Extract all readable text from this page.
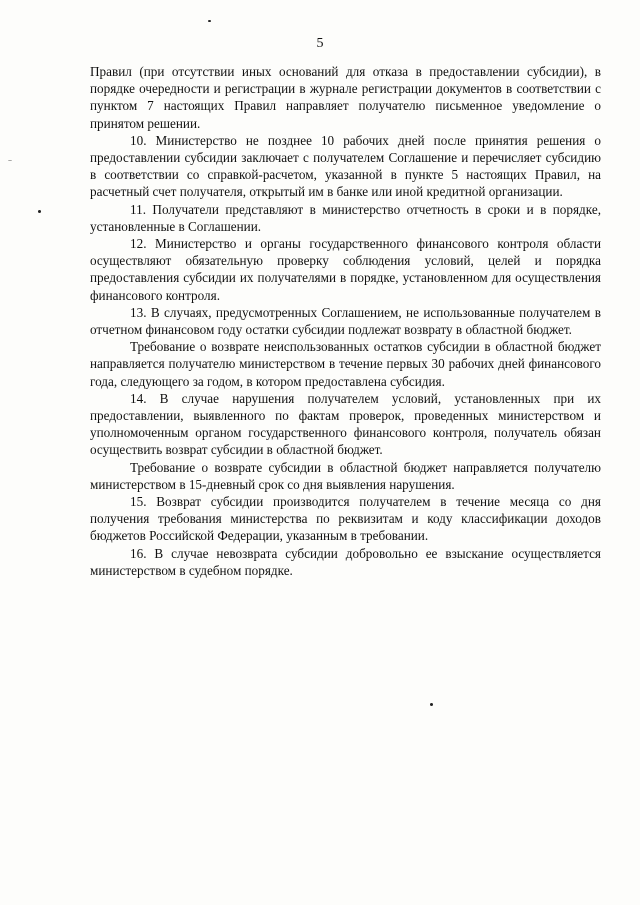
5

Правил (при отсутствии иных оснований для отказа в предоставлении субсидии), в порядке очередности и регистрации в журнале регистрации документов в соответствии с пунктом 7 настоящих Правил направляет получателю письменное уведомление о принятом решении.

10. Министерство не позднее 10 рабочих дней после принятия решения о предоставлении субсидии заключает с получателем Соглашение и перечисляет субсидию в соответствии со справкой-расчетом, указанной в пункте 5 настоящих Правил, на расчетный счет получателя, открытый им в банке или иной кредитной организации.

11. Получатели представляют в министерство отчетность в сроки и в порядке, установленные в Соглашении.

12. Министерство и органы государственного финансового контроля области осуществляют обязательную проверку соблюдения условий, целей и порядка предоставления субсидии их получателями в порядке, установленном для осуществления финансового контроля.

13. В случаях, предусмотренных Соглашением, не использованные получателем в отчетном финансовом году остатки субсидии подлежат возврату в областной бюджет.

Требование о возврате неиспользованных остатков субсидии в областной бюджет направляется получателю министерством в течение первых 30 рабочих дней финансового года, следующего за годом, в котором предоставлена субсидия.

14. В случае нарушения получателем условий, установленных при их предоставлении, выявленного по фактам проверок, проведенных министерством и уполномоченным органом государственного финансового контроля, получатель обязан осуществить возврат субсидии в областной бюджет.

Требование о возврате субсидии в областной бюджет направляется получателю министерством в 15-дневный срок со дня выявления нарушения.

15. Возврат субсидии производится получателем в течение месяца со дня получения требования министерства по реквизитам и коду классификации доходов бюджетов Российской Федерации, указанным в требовании.

16. В случае невозврата субсидии добровольно ее взыскание осуществляется министерством в судебном порядке.
